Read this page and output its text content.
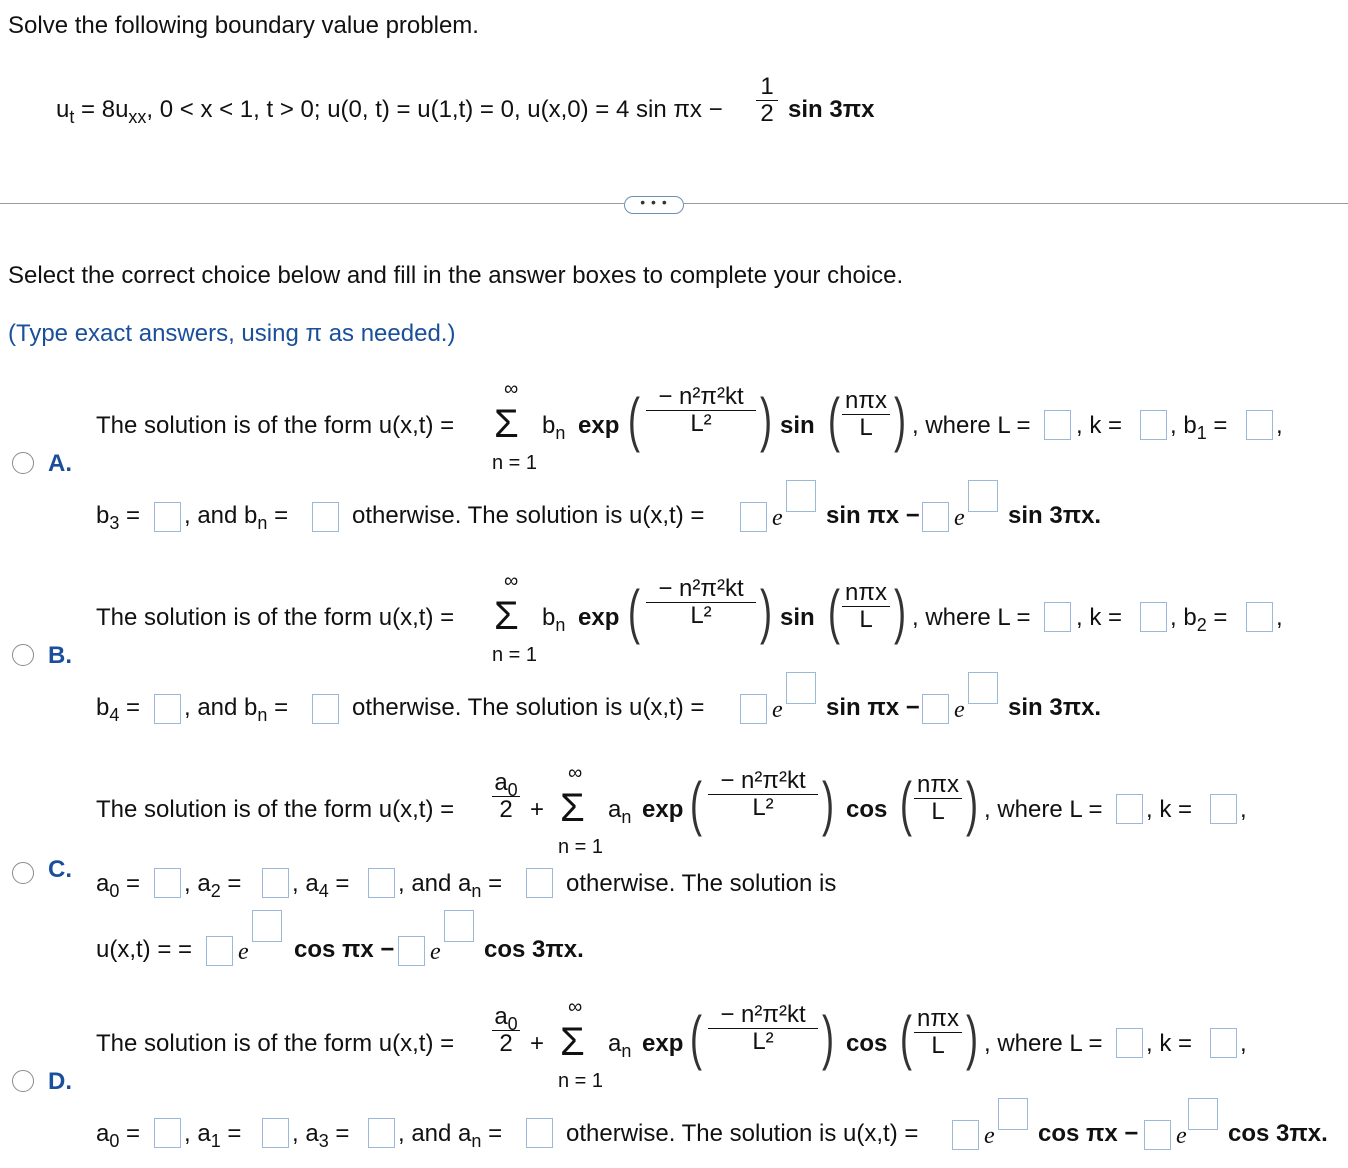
Solve the following boundary value problem.
$u_t = 8u_{xx}$, 0 < x < 1, t > 0; u(0, t) = u(1,t) = 0, u(x,0) = 4 $\sin \pi x - \frac{1}{2}$ sin 3πx
• • •
Select the correct choice below and fill in the answer boxes to complete your choice.
(Type exact answers, using π as needed.)
A.
The solution is of the form u(x,t) =
∞
Σ
n = 1
$b_n$ exp ( $\frac{\text{− n²π²kt}}{\text{L²}}$ ) sin ( nπx
L ) , where L = , k = , $b_1$ = ,
$b_3$ = , and $b_n$ =	otherwise. The solution is u(x,t) =	e sin πx − e sin 3πx.
B.
The solution is of the form u(x,t) =
∞
Σ
n = 1
$b_n$ exp ( $\frac{\text{− n²π²kt}}{\text{L²}}$ ) sin ( nπx
L ) , where L = , k = , $b_2$ = ,
$b_4$ = , and $b_n$ =	otherwise. The solution is u(x,t) =	e sin πx − e sin 3πx.
C.
The solution is of the form $u(x,t) = \frac{a_0}{2}$ +
∞
Σ
n = 1
$a_n$ exp ( $\frac{\text{− n²π²kt}}{\text{L²}}$ ) cos ( nπx
L ) , where L = , k = ,
$a_0$ = , $a_2$ = , $a_4$ = , and $a_n$ =	otherwise. The solution is
u(x,t) = = e cos πx − e cos 3πx.
D.
The solution is of the form $u(x,t) = \frac{a_0}{2}$ +
∞
Σ
n = 1
$a_n$ exp ( $\frac{\text{− n²π²kt}}{\text{L²}}$ ) cos ( nπx
L ) , where L = , k = ,
$a_0$ = , $a_1$ = , $a_3$ = , and $a_n$ =	otherwise. The solution is u(x,t) =	e cos πx − e cos 3πx.
